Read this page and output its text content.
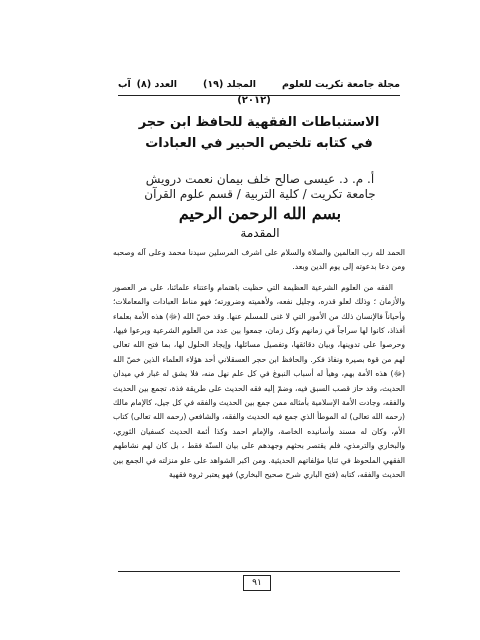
مجلة جامعة تكريت للعلوم
المجلد (١٩)
العدد (٨)
آب
(٢٠١٢)
الاستنباطات الفقهية للحافظ ابن حجر
في كتابه تلخيص الحبير في العبادات
أ. م. د. عيسى صالح خلف بيمان نعمت درويش
جامعة تكريت / كلية التربية / قسم علوم القرآن
بسم الله الرحمن الرحيم
المقدمة

الحمد لله رب العالمين والصلاة والسلام على اشرف المرسلين سيدنا محمد وعلى آله وصحبه ومن دعا بدعوته إلى يوم الدين وبعد.

الفقه من العلوم الشرعية العظيمة التي حظيت باهتمام واعتناء علمائنا، على مر العصور والأزمان ؛ وذلك لعلو قدره، وجليل نفعه، ولأهميته وضرورته؛ فهو مناط العبادات والمعاملات؛ وأحياناً فالإنسان ذلك من الأمور التي لا غنى للمسلم عنها. وقد خصّ الله (ﷻ) هذه الأمة بعلماء أفذاذ، كانوا لها سراجاً في زمانهم وكل زمان، جمعوا بين عدد من العلوم الشرعية وبرعوا فيها، وحرصوا على تدوينها، وبيان دقائقها، وتفصيل مسائلها، وإيجاد الحلول لها، بما فتح الله تعالى لهم من قوة بصيرة ونفاذ فكر. والحافظ ابن حجر العسقلاني أحد هؤلاء العلماء الذين خصّ الله (ﷻ) هذه الأمة بهم، وهيأ له أسباب النبوغ في كل علم نهل منه، فلا يشق له غبار في ميدان الحديث، وقد حاز قصب السبق فيه، وضمّ إليه فقه الحديث على طريقة فذة، تجمع بين الحديث والفقه، وجادت الأمة الإسلامية بأمثاله ممن جمع بين الحديث والفقه في كل جيل، كالإمام مالك (رحمه الله تعالى) له الموطأ الذي جمع فيه الحديث والفقه، والشافعي (رحمه الله تعالى) كتاب الأم، وكان له مسند وأسانيده الخاصة، والإمام احمد وكذا أئمة الحديث كسفيان الثوري، والبخاري والترمذي، فلم يقتصر بحثهم وجهدهم على بيان السنّة فقط ، بل كان لهم نشاطهم الفقهي الملحوظ في ثنايا مؤلفاتهم الحديثية. ومن اكبر الشواهد على علو منزلته في الجمع بين الحديث والفقه، كتابه (فتح الباري شرح صحيح البخاري) فهو يعتبر ثروة فقهية

٩١
